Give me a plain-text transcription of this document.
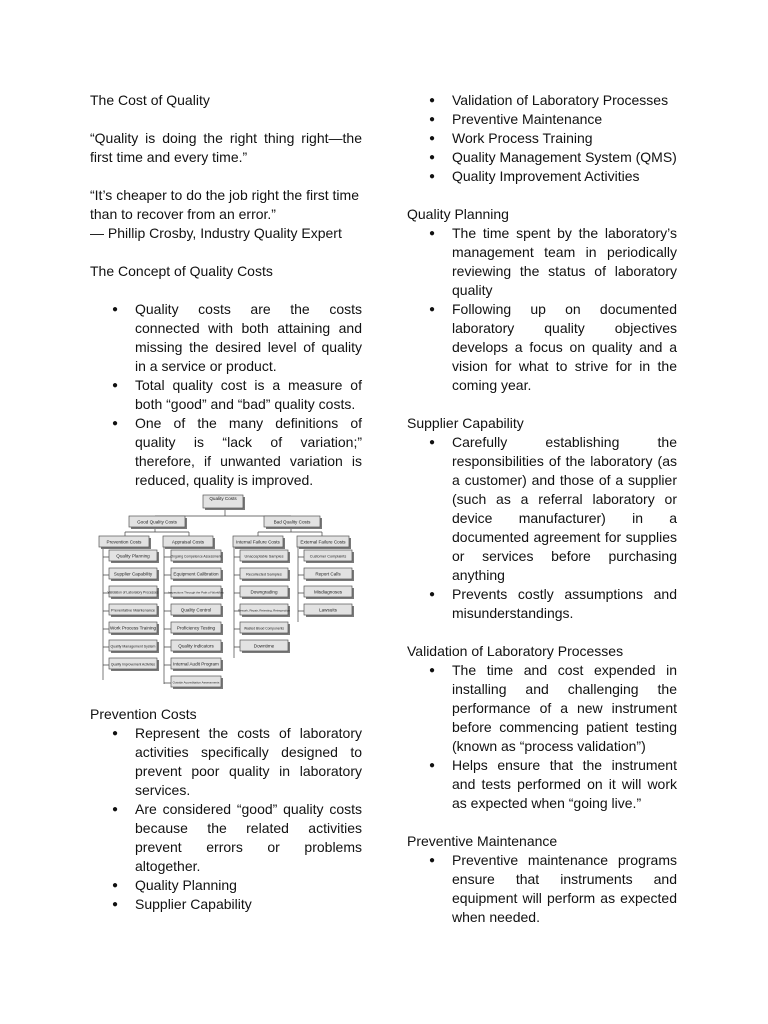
The Cost of Quality

“Quality is doing the right thing right—the first time and every time.”

“It’s cheaper to do the job right the first time than to recover from an error.”

— Phillip Crosby, Industry Quality Expert

The Concept of Quality Costs

● Quality costs are the costs connected with both attaining and missing the desired level of quality in a service or product.
● Total quality cost is a measure of both “good” and “bad” quality costs.
● One of the many definitions of quality is “lack of variation;” therefore, if unwanted variation is reduced, quality is improved.
Quality Costs
Good Quality Costs	Bad Quality Costs
Prevention Costs	Appraisal Costs	Internal Failure Costs	External Failure Costs
Quality Planning
Supplier Capability
Validation of Laboratory Processes
Preventative Maintenance
Work Process Training
Quality Management System
Quality Improvement Activities
Ongoing Competence Assessment
Equipment Calibration
Inspections Through the Path of Workflow
Quality Control
Proficiency Testing
Quality Indicators
Internal Audit Program
Outside Accreditation Assessments
Unacceptable Samples
Recollected Samples
Downgrading
Rework, Repair, Retesting, Reinspection
Wasted Blood Components
Downtime
Customer Complaints
Report Calls
Misdiagnoses
Lawsuits

Prevention Costs

● Represent the costs of laboratory activities specifically designed to prevent poor quality in laboratory services.
● Are considered “good” quality costs because the related activities prevent errors or problems altogether.
● Quality Planning
● Supplier Capability
● Validation of Laboratory Processes
● Preventive Maintenance
● Work Process Training
● Quality Management System (QMS)
● Quality Improvement Activities

Quality Planning

● The time spent by the laboratory’s management team in periodically reviewing the status of laboratory quality
● Following up on documented laboratory quality objectives develops a focus on quality and a vision for what to strive for in the coming year.

Supplier Capability

● Carefully establishing the responsibilities of the laboratory (as a customer) and those of a supplier (such as a referral laboratory or device manufacturer) in a documented agreement for supplies or services before purchasing anything
● Prevents costly assumptions and misunderstandings.

Validation of Laboratory Processes

● The time and cost expended in installing and challenging the performance of a new instrument before commencing patient testing (known as “process validation”)
● Helps ensure that the instrument and tests performed on it will work as expected when “going live.”

Preventive Maintenance

● Preventive maintenance programs ensure that instruments and equipment will perform as expected when needed.
